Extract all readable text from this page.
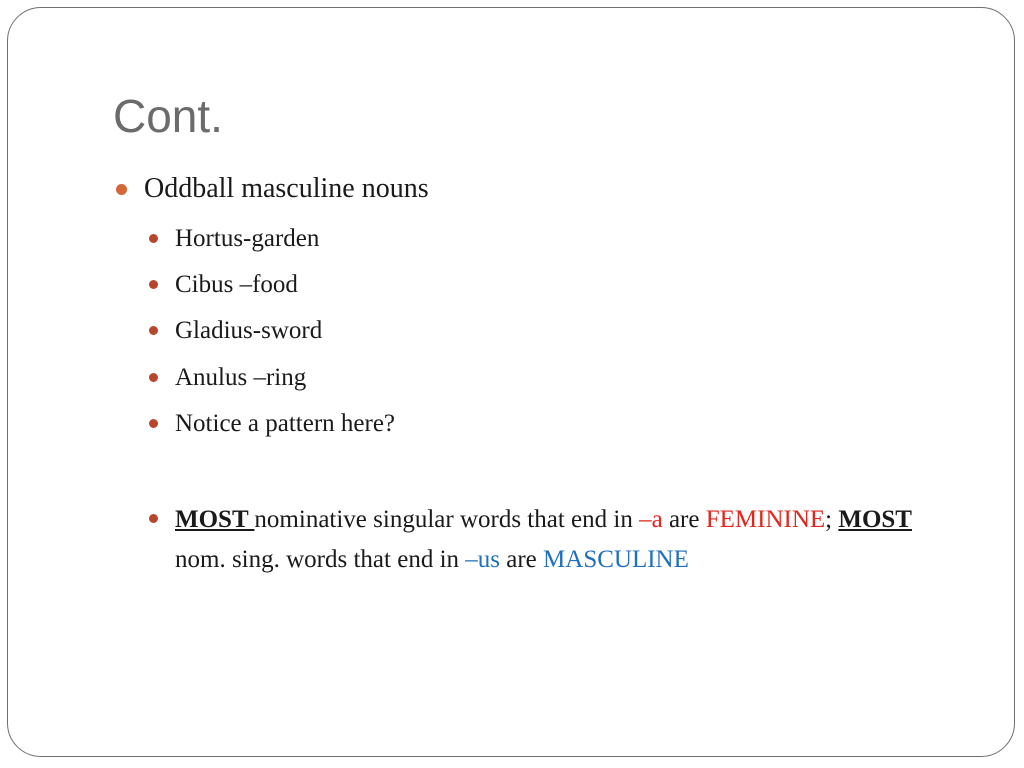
Cont.
Oddball masculine nouns
Hortus-garden
Cibus –food
Gladius-sword
Anulus –ring
Notice a pattern here?
MOST nominative singular words that end in –a are FEMININE; MOST nom. sing. words that end in –us are MASCULINE
